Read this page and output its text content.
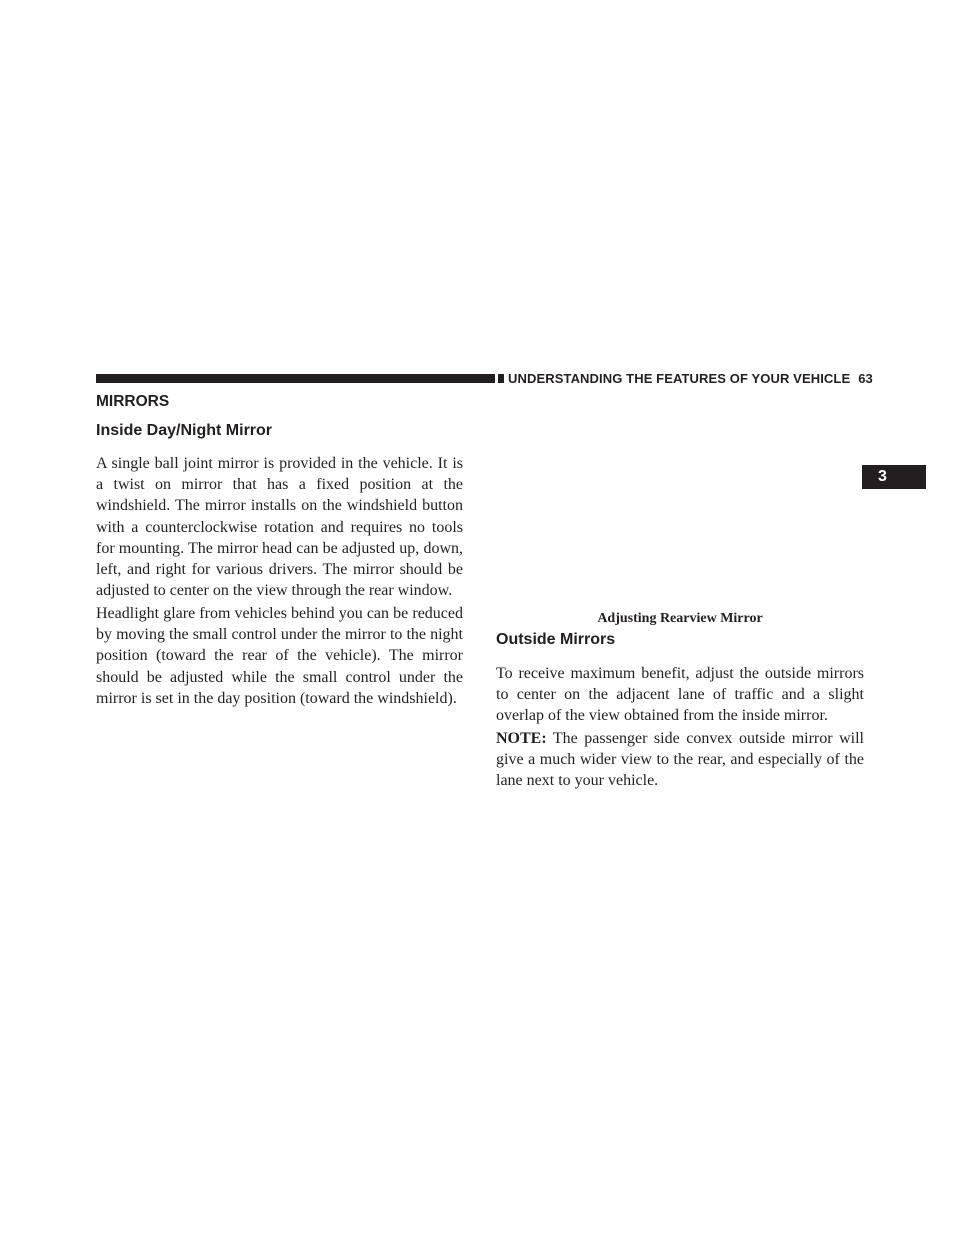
UNDERSTANDING THE FEATURES OF YOUR VEHICLE 63
3
MIRRORS
Inside Day/Night Mirror

A single ball joint mirror is provided in the vehicle. It is a twist on mirror that has a fixed position at the windshield. The mirror installs on the windshield button with a counterclockwise rotation and requires no tools for mounting. The mirror head can be adjusted up, down, left, and right for various drivers. The mirror should be adjusted to center on the view through the rear window.

Headlight glare from vehicles behind you can be reduced by moving the small control under the mirror to the night position (toward the rear of the vehicle). The mirror should be adjusted while the small control under the mirror is set in the day position (toward the windshield).

Adjusting Rearview Mirror
Outside Mirrors

To receive maximum benefit, adjust the outside mirrors to center on the adjacent lane of traffic and a slight overlap of the view obtained from the inside mirror.

NOTE: The passenger side convex outside mirror will give a much wider view to the rear, and especially of the lane next to your vehicle.
